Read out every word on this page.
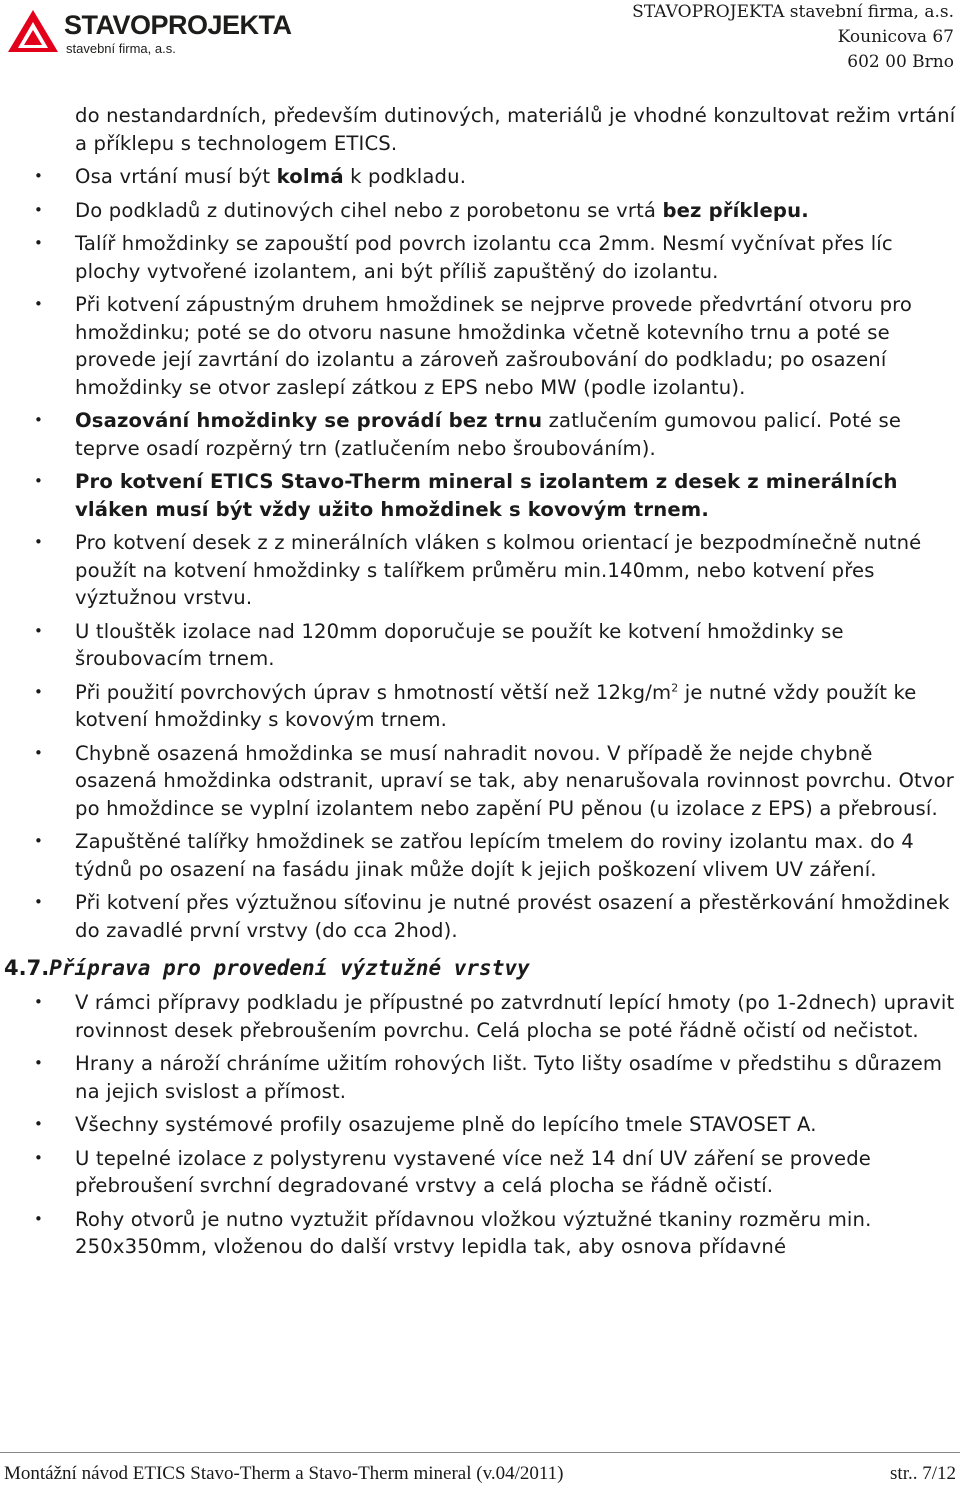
STAVOPROJEKTA
stavební firma, a.s.
STAVOPROJEKTA stavební firma, a.s.
Kounicova 67
602 00 Brno

do nestandardních, především dutinových, materiálů je vhodné konzultovat režim vrtání a příklepu s technologem ETICS.

• Osa vrtání musí být kolmá k podkladu.
• Do podkladů z dutinových cihel nebo z porobetonu se vrtá bez příklepu.
• Talíř hmoždinky se zapouští pod povrch izolantu cca 2mm. Nesmí vyčnívat přes líc plochy vytvořené izolantem, ani být příliš zapuštěný do izolantu.
• Při kotvení zápustným druhem hmoždinek se nejprve provede předvrtání otvoru pro hmoždinku; poté se do otvoru nasune hmoždinka včetně kotevního trnu a poté se provede její zavrtání do izolantu a zároveň zašroubování do podkladu; po osazení hmoždinky se otvor zaslepí zátkou z EPS nebo MW (podle izolantu).
• Osazování hmoždinky se provádí bez trnu zatlučením gumovou palicí. Poté se teprve osadí rozpěrný trn (zatlučením nebo šroubováním).
• Pro kotvení ETICS Stavo-Therm mineral s izolantem z desek z minerálních vláken musí být vždy užito hmoždinek s kovovým trnem.
• Pro kotvení desek z z minerálních vláken s kolmou orientací je bezpodmínečně nutné použít na kotvení hmoždinky s talířkem průměru min.140mm, nebo kotvení přes výztužnou vrstvu.
• U tlouštěk izolace nad 120mm doporučuje se použít ke kotvení hmoždinky se šroubovacím trnem.
• Při použití povrchových úprav s hmotností větší než $12kg/m^2$ je nutné vždy použít ke kotvení hmoždinky s kovovým trnem.
• Chybně osazená hmoždinka se musí nahradit novou. V případě že nejde chybně osazená hmoždinka odstranit, upraví se tak, aby nenarušovala rovinnost povrchu. Otvor po hmoždince se vyplní izolantem nebo zapění PU pěnou (u izolace z EPS) a přebrousí.
• Zapuštěné talířky hmoždinek se zatřou lepícím tmelem do roviny izolantu max. do 4 týdnů po osazení na fasádu jinak může dojít k jejich poškození vlivem UV záření.
• Při kotvení přes výztužnou síťovinu je nutné provést osazení a přestěrkování hmoždinek do zavadlé první vrstvy (do cca 2hod).
4.7.Příprava pro provedení výztužné vrstvy
• V rámci přípravy podkladu je přípustné po zatvrdnutí lepící hmoty (po 1-2dnech) upravit rovinnost desek přebroušením povrchu. Celá plocha se poté řádně očistí od nečistot.
• Hrany a nároží chráníme užitím rohových lišt. Tyto lišty osadíme v předstihu s důrazem na jejich svislost a přímost.
• Všechny systémové profily osazujeme plně do lepícího tmele STAVOSET A.
• U tepelné izolace z polystyrenu vystavené více než 14 dní UV záření se provede přebroušení svrchní degradované vrstvy a celá plocha se řádně očistí.
• Rohy otvorů je nutno vyztužit přídavnou vložkou výztužné tkaniny rozměru min. 250x350mm, vloženou do další vrstvy lepidla tak, aby osnova přídavné
Montážní návod ETICS Stavo-Therm a Stavo-Therm mineral (v.04/2011)	str.. 7/12
